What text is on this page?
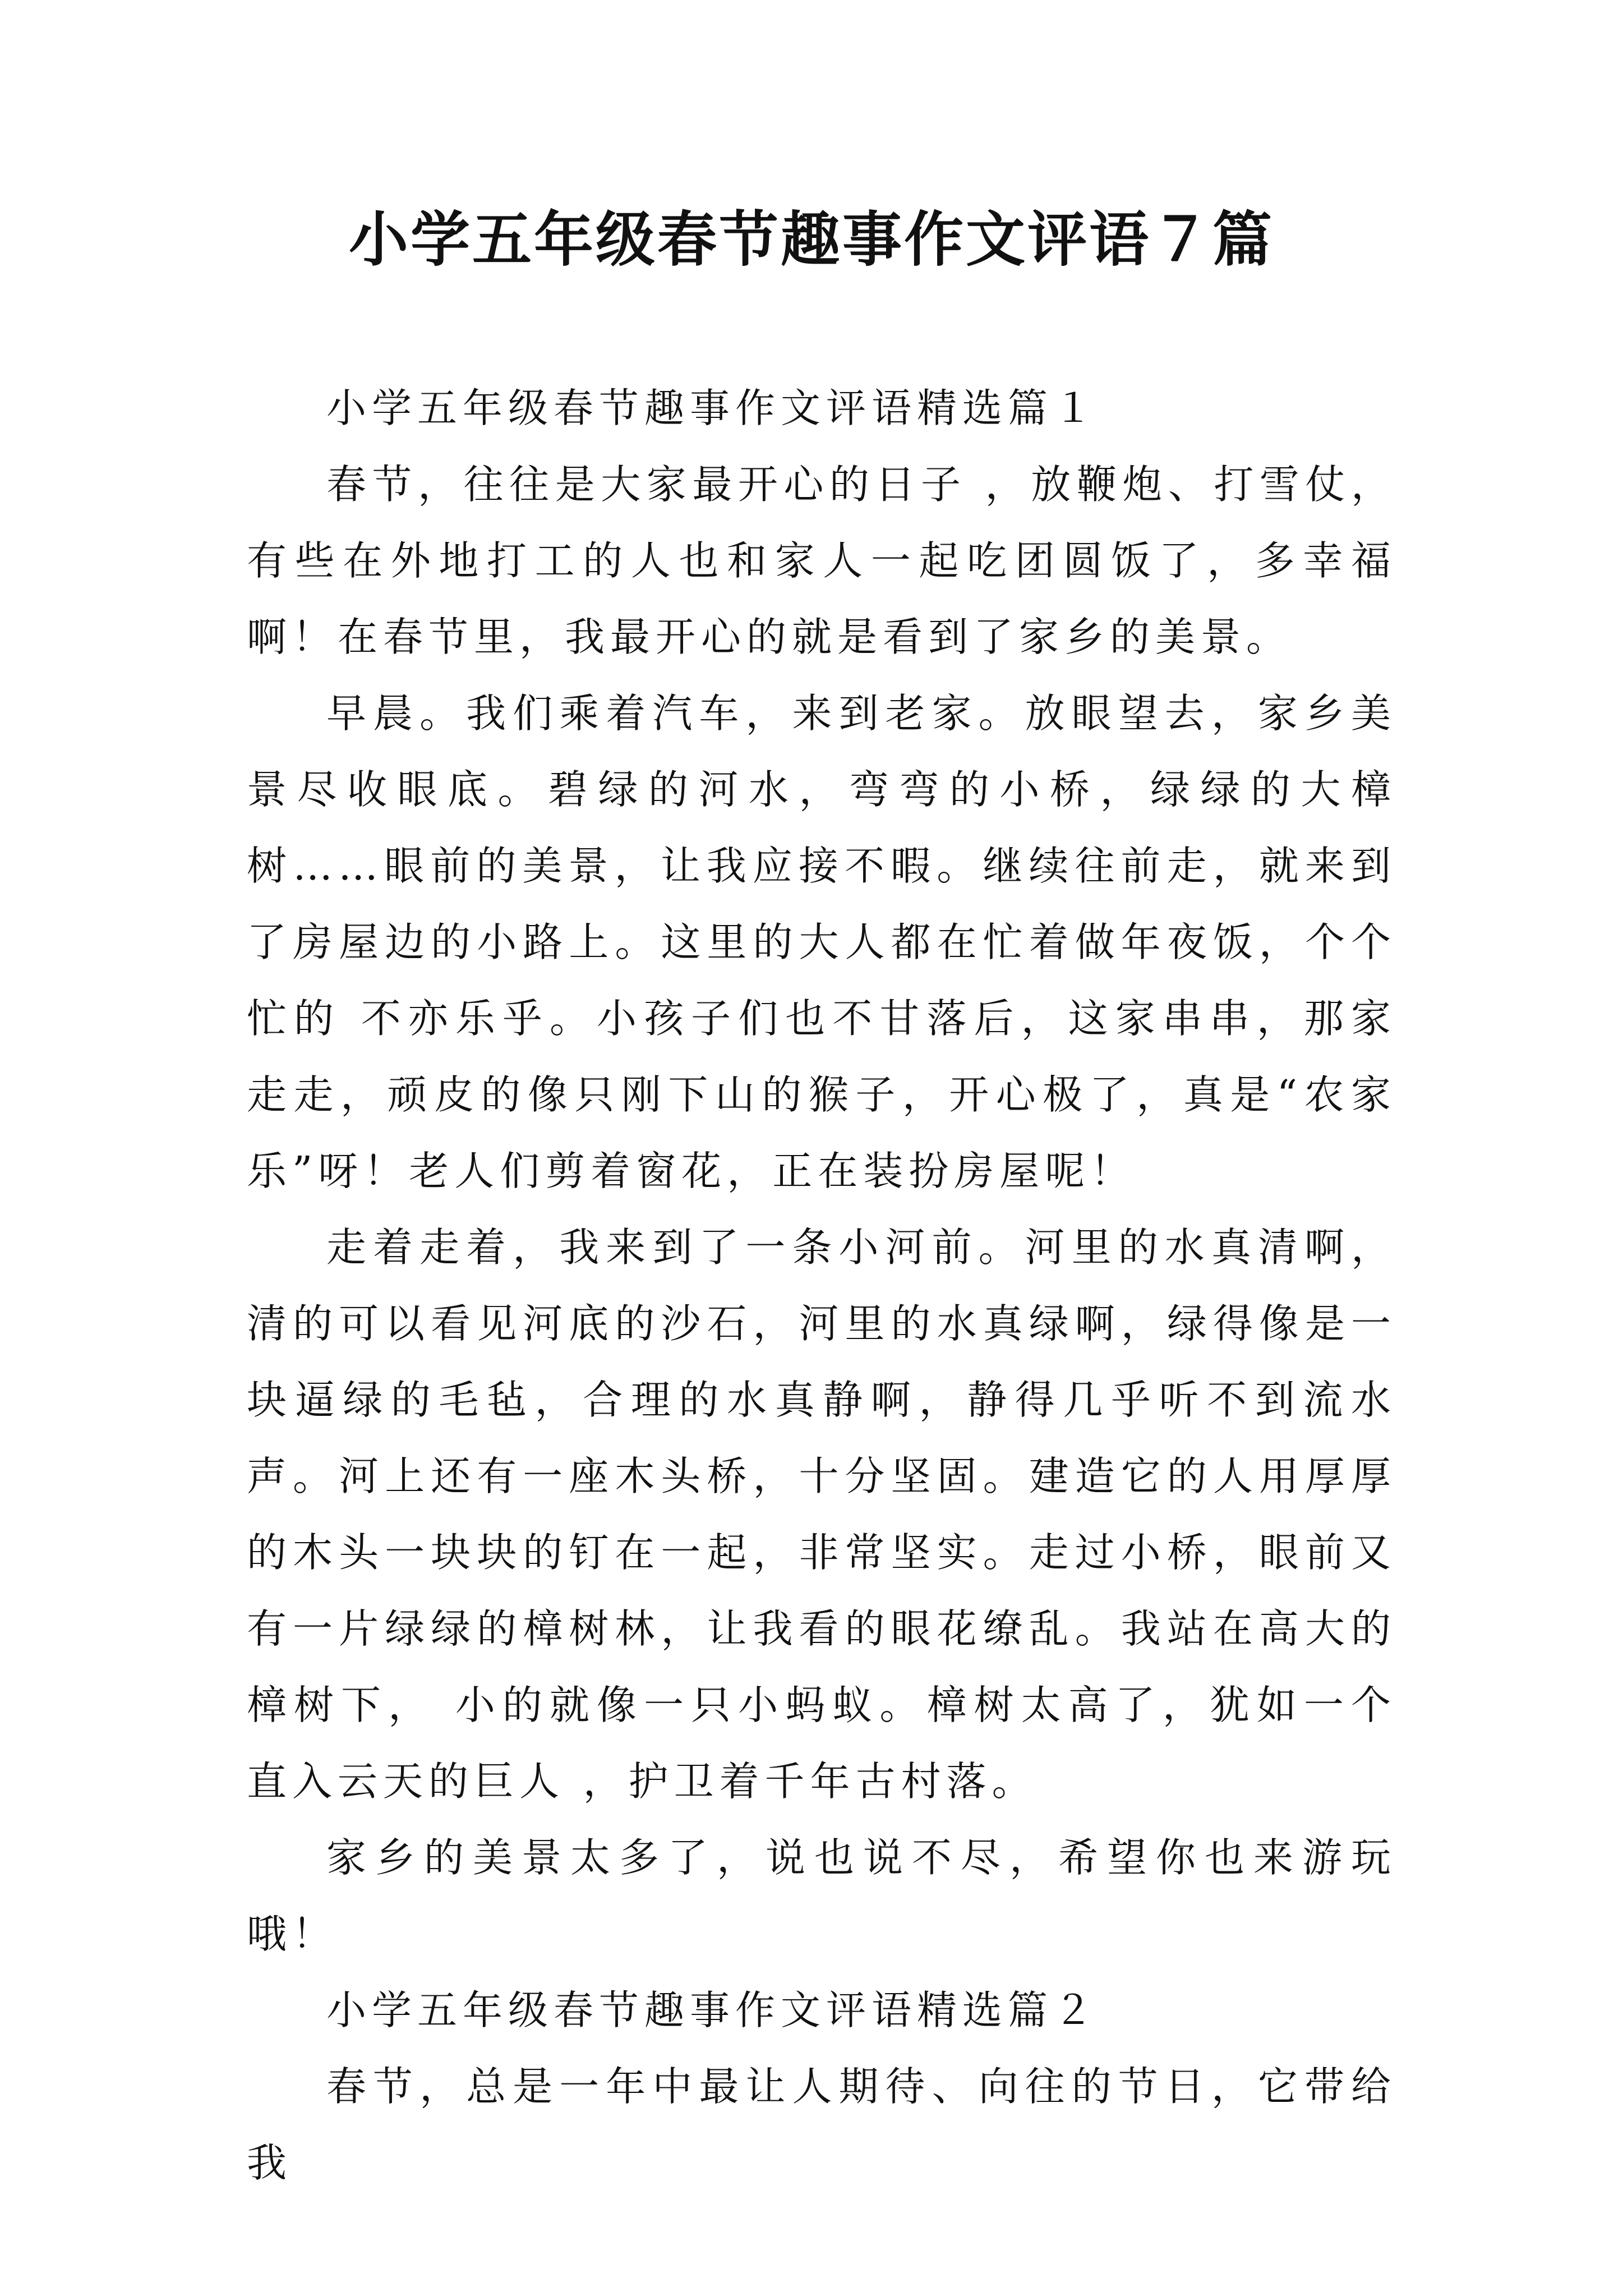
小学五年级春节趣事作文评语７篇

小学五年级春节趣事作文评语精选篇１

春节，往往是大家最开心的日子 ，放鞭炮、打雪仗，有些在外地打工的人也和家人一起吃团圆饭了，多幸福啊！在春节里，我最开心的就是看到了家乡的美景。

早晨。我们乘着汽车，来到老家。放眼望去，家乡美景尽收眼底。碧绿的河水，弯弯的小桥，绿绿的大樟树……眼前的美景，让我应接不暇。继续往前走，就来到了房屋边的小路上。这里的大人都在忙着做年夜饭，个个忙的 不亦乐乎。小孩子们也不甘落后，这家串串，那家走走，顽皮的像只刚下山的猴子，开心极了，真是“农家乐”呀！老人们剪着窗花，正在装扮房屋呢！

走着走着，我来到了一条小河前。河里的水真清啊，清的可以看见河底的沙石，河里的水真绿啊，绿得像是一块逼绿的毛毡，合理的水真静啊，静得几乎听不到流水声。河上还有一座木头桥，十分坚固。建造它的人用厚厚的木头一块块的钉在一起，非常坚实。走过小桥，眼前又有一片绿绿的樟树林，让我看的眼花缭乱。我站在高大的樟树下， 小的就像一只小蚂蚁。樟树太高了，犹如一个直入云天的巨人 ，护卫着千年古村落。

家乡的美景太多了，说也说不尽，希望你也来游玩哦！

小学五年级春节趣事作文评语精选篇２

春节，总是一年中最让人期待、向往的节日，它带给我
